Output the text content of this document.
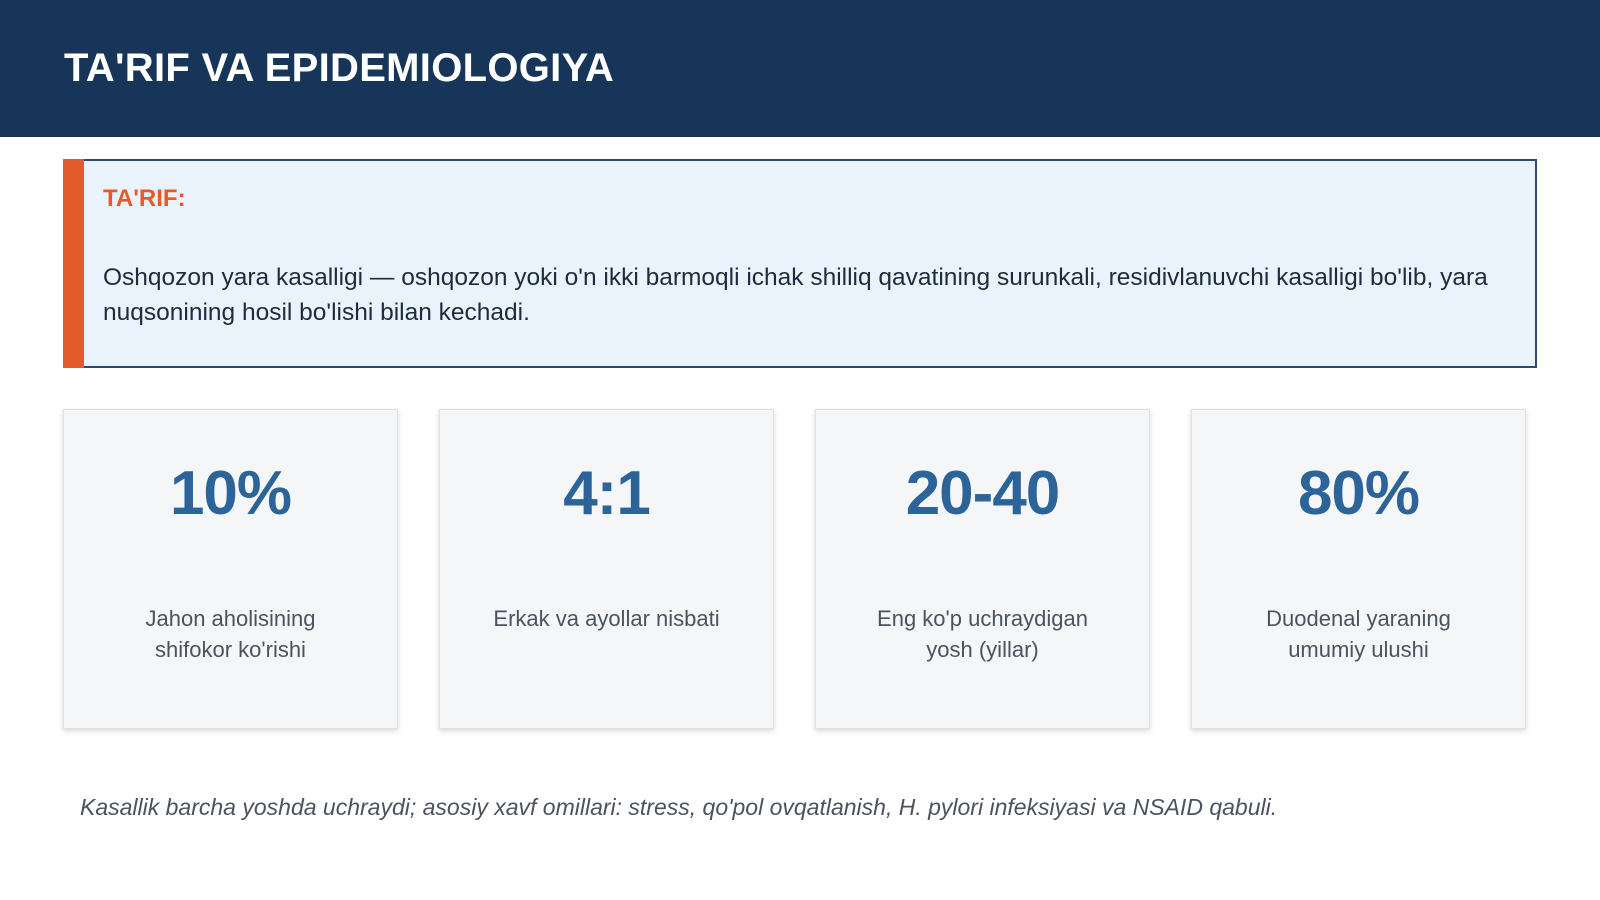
TA'RIF VA EPIDEMIOLOGIYA
TA'RIF:
Oshqozon yara kasalligi — oshqozon yoki o'n ikki barmoqli ichak shilliq qavatining surunkali, residivlanuvchi kasalligi bo'lib, yara nuqsonining hosil bo'lishi bilan kechadi.
10%
Jahon aholisining shifokor ko'rishi
4:1
Erkak va ayollar nisbati
20-40
Eng ko'p uchraydigan yosh (yillar)
80%
Duodenal yaraning umumiy ulushi
Kasallik barcha yoshda uchraydi; asosiy xavf omillari: stress, qo'pol ovqatlanish, H. pylori infeksiyasi va NSAID qabuli.
